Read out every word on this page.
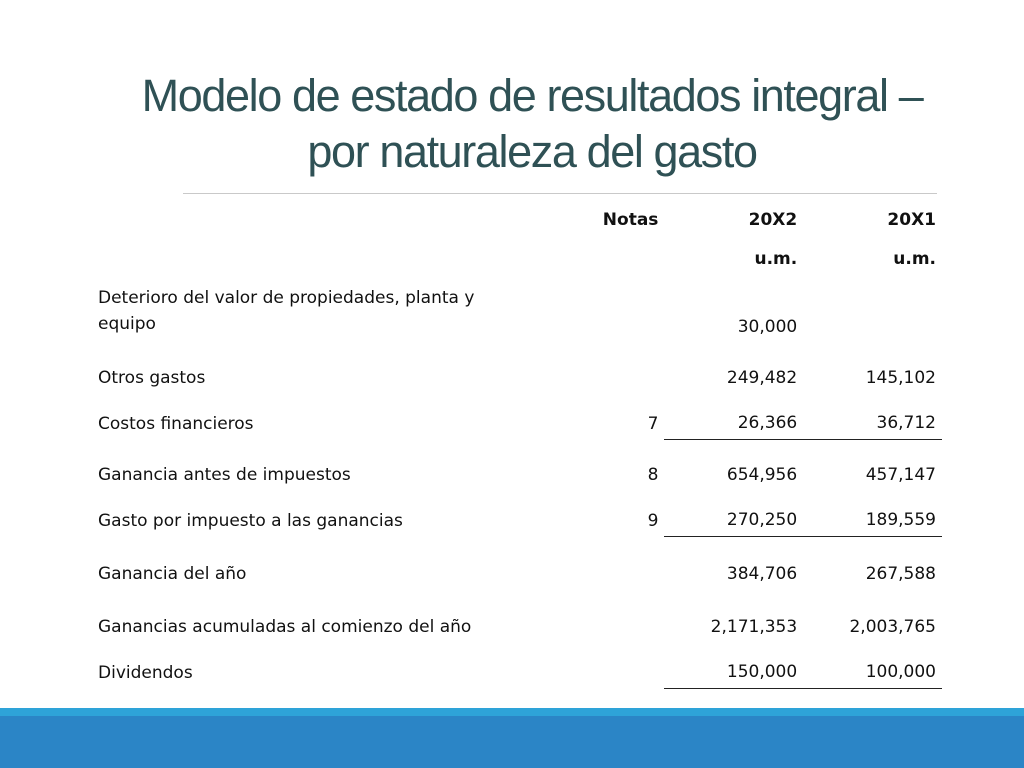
Modelo de estado de resultados integral –
por naturaleza del gasto
	Notas	20X2	20X1
		u.m.	u.m.
Deterioro del valor de propiedades, planta y equipo		30,000	
Otros gastos		249,482	145,102
Costos financieros	7	26,366	36,712
Ganancia antes de impuestos	8	654,956	457,147
Gasto por impuesto a las ganancias	9	270,250	189,559
Ganancia del año		384,706	267,588
Ganancias acumuladas al comienzo del año		2,171,353	2,003,765
Dividendos		150,000	100,000
